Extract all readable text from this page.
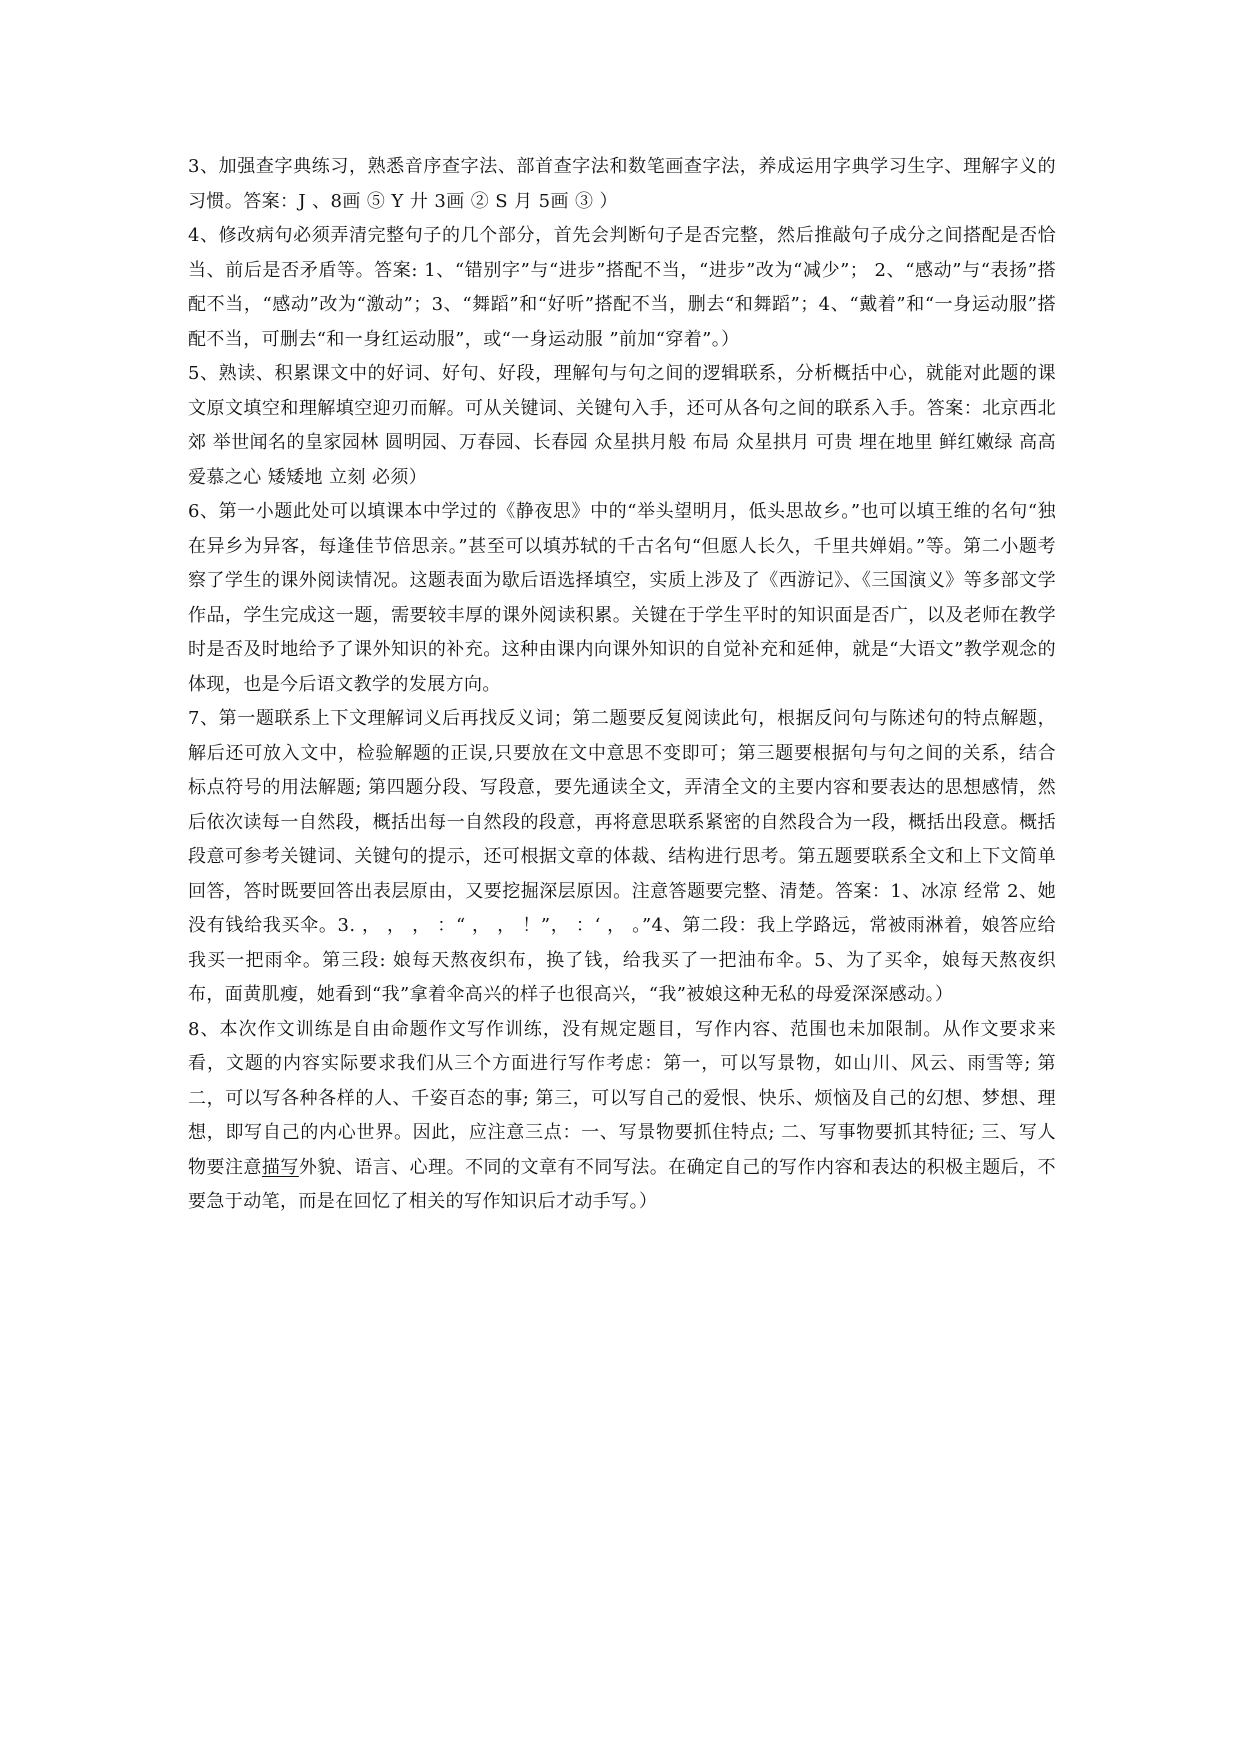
3、加强查字典练习，熟悉音序查字法、部首查字法和数笔画查字法，养成运用字典学习生字、理解字义的习惯。答案：J 、8画 ⑤ Y 廾 3画 ② S 月 5画 ③ ）

4、修改病句必须弄清完整句子的几个部分，首先会判断句子是否完整，然后推敲句子成分之间搭配是否恰当、前后是否矛盾等。答案: 1、“错别字”与“进步”搭配不当，“进步”改为“减少”； 2、“感动”与“表扬”搭配不当，“感动”改为“激动”；3、“舞蹈”和“好听”搭配不当，删去“和舞蹈”；4、“戴着”和“一身运动服”搭配不当，可删去“和一身红运动服”，或“一身运动服 ”前加“穿着”。）

5、熟读、积累课文中的好词、好句、好段，理解句与句之间的逻辑联系，分析概括中心，就能对此题的课文原文填空和理解填空迎刃而解。可从关键词、关键句入手，还可从各句之间的联系入手。答案：北京西北郊 举世闻名的皇家园林 圆明园、万春园、长春园 众星拱月般 布局 众星拱月 可贵 埋在地里 鲜红嫩绿 高高 爱慕之心 矮矮地 立刻 必须）

6、第一小题此处可以填课本中学过的《静夜思》中的“举头望明月，低头思故乡。”也可以填王维的名句“独在异乡为异客，每逢佳节倍思亲。”甚至可以填苏轼的千古名句“但愿人长久，千里共婵娟。”等。第二小题考察了学生的课外阅读情况。这题表面为歇后语选择填空，实质上涉及了《西游记》、《三国演义》等多部文学作品，学生完成这一题，需要较丰厚的课外阅读积累。关键在于学生平时的知识面是否广，以及老师在教学时是否及时地给予了课外知识的补充。这种由课内向课外知识的自觉补充和延伸，就是“大语文”教学观念的体现，也是今后语文教学的发展方向。

7、第一题联系上下文理解词义后再找反义词；第二题要反复阅读此句，根据反问句与陈述句的特点解题，解后还可放入文中，检验解题的正误,只要放在文中意思不变即可；第三题要根据句与句之间的关系，结合标点符号的用法解题; 第四题分段、写段意，要先通读全文，弄清全文的主要内容和要表达的思想感情，然后依次读每一自然段，概括出每一自然段的段意，再将意思联系紧密的自然段合为一段，概括出段意。概括段意可参考关键词、关键句的提示，还可根据文章的体裁、结构进行思考。第五题要联系全文和上下文简单回答，答时既要回答出表层原由，又要挖掘深层原因。注意答题要完整、清楚。答案：1、冰凉 经常 2、她没有钱给我买伞。3. ， ， ， ：“ ， ， ！”， ：‘ ， 。”4、第二段：我上学路远，常被雨淋着，娘答应给我买一把雨伞。第三段: 娘每天熬夜织布，换了钱，给我买了一把油布伞。5、为了买伞，娘每天熬夜织布，面黄肌瘦，她看到“我”拿着伞高兴的样子也很高兴，“我”被娘这种无私的母爱深深感动。）

8、本次作文训练是自由命题作文写作训练，没有规定题目，写作内容、范围也未加限制。从作文要求来看，文题的内容实际要求我们从三个方面进行写作考虑：第一，可以写景物，如山川、风云、雨雪等; 第二，可以写各种各样的人、千姿百态的事; 第三，可以写自己的爱恨、快乐、烦恼及自己的幻想、梦想、理想，即写自己的内心世界。因此，应注意三点：一、写景物要抓住特点; 二、写事物要抓其特征; 三、写人物要注意描写外貌、语言、心理。不同的文章有不同写法。在确定自己的写作内容和表达的积极主题后，不要急于动笔，而是在回忆了相关的写作知识后才动手写。）
